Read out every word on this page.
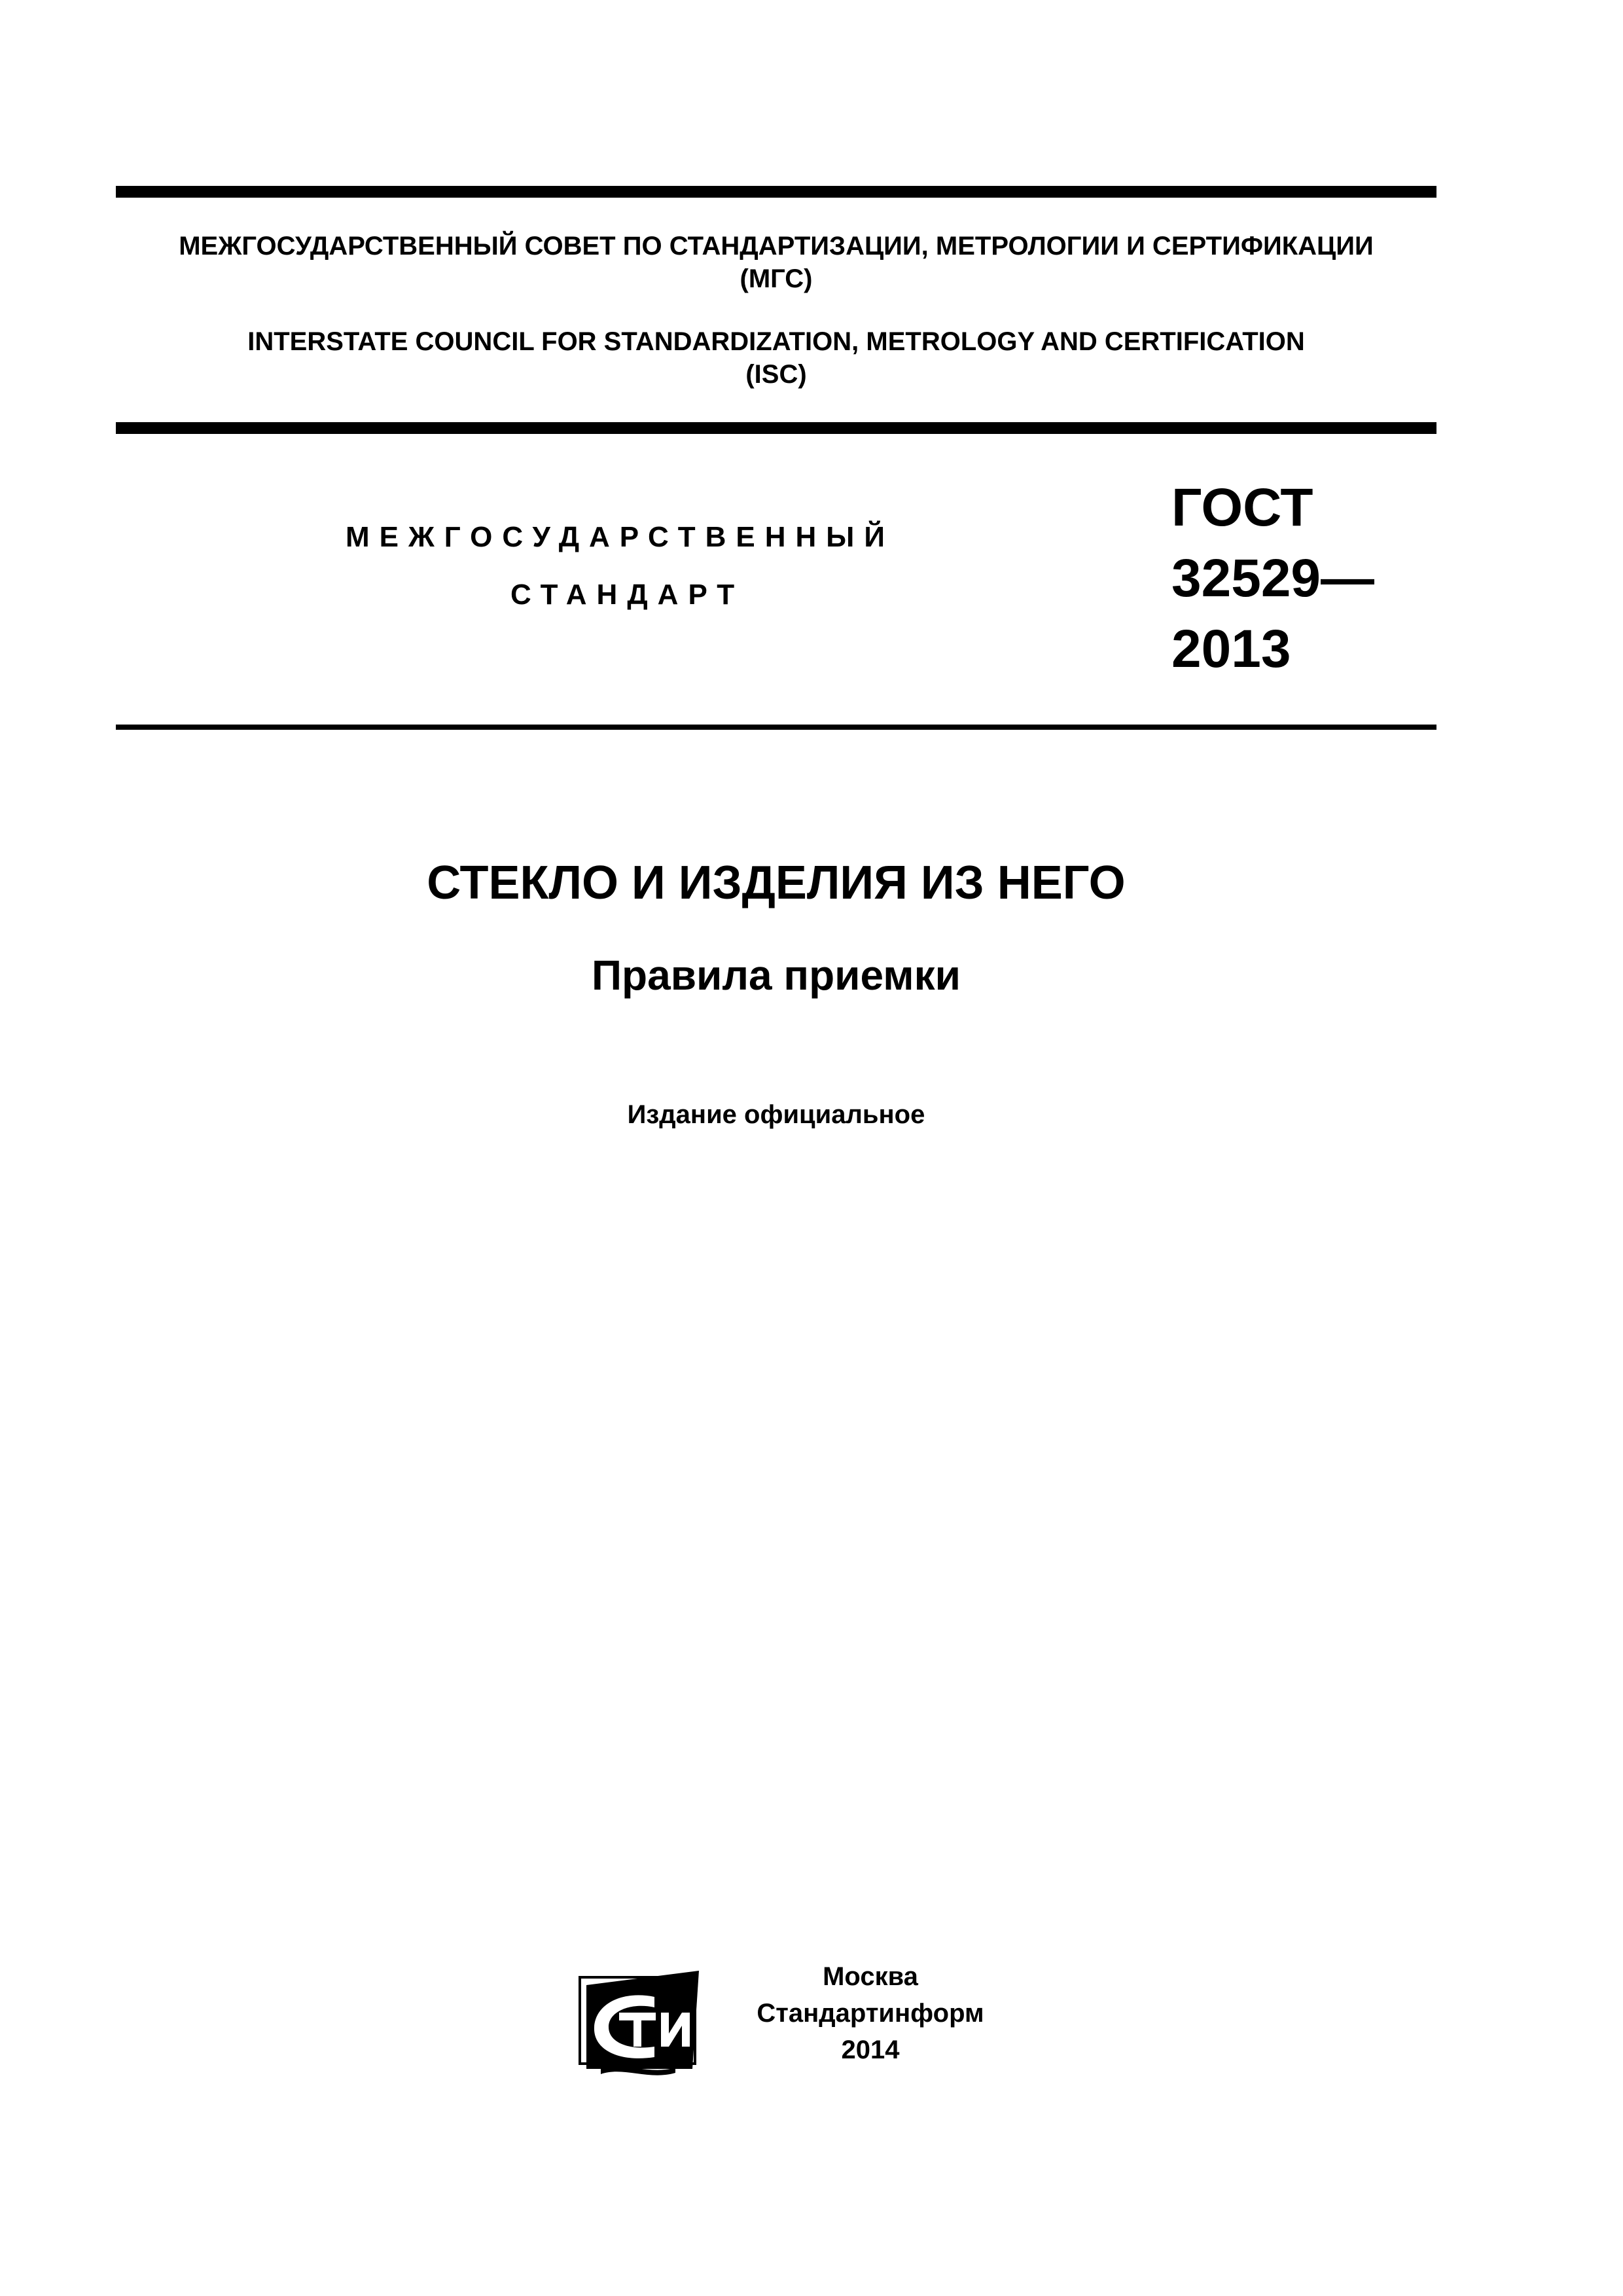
МЕЖГОСУДАРСТВЕННЫЙ СОВЕТ ПО СТАНДАРТИЗАЦИИ, МЕТРОЛОГИИ И СЕРТИФИКАЦИИ
(МГС)

INTERSTATE COUNCIL FOR STANDARDIZATION, METROLOGY AND CERTIFICATION
(ISC)

МЕЖГОСУДАРСТВЕННЫЙ
СТАНДАРТ
ГОСТ
32529—
2013
СТЕКЛО И ИЗДЕЛИЯ ИЗ НЕГО
Правила приемки

Издание официальное

Москва
Стандартинформ
2014
